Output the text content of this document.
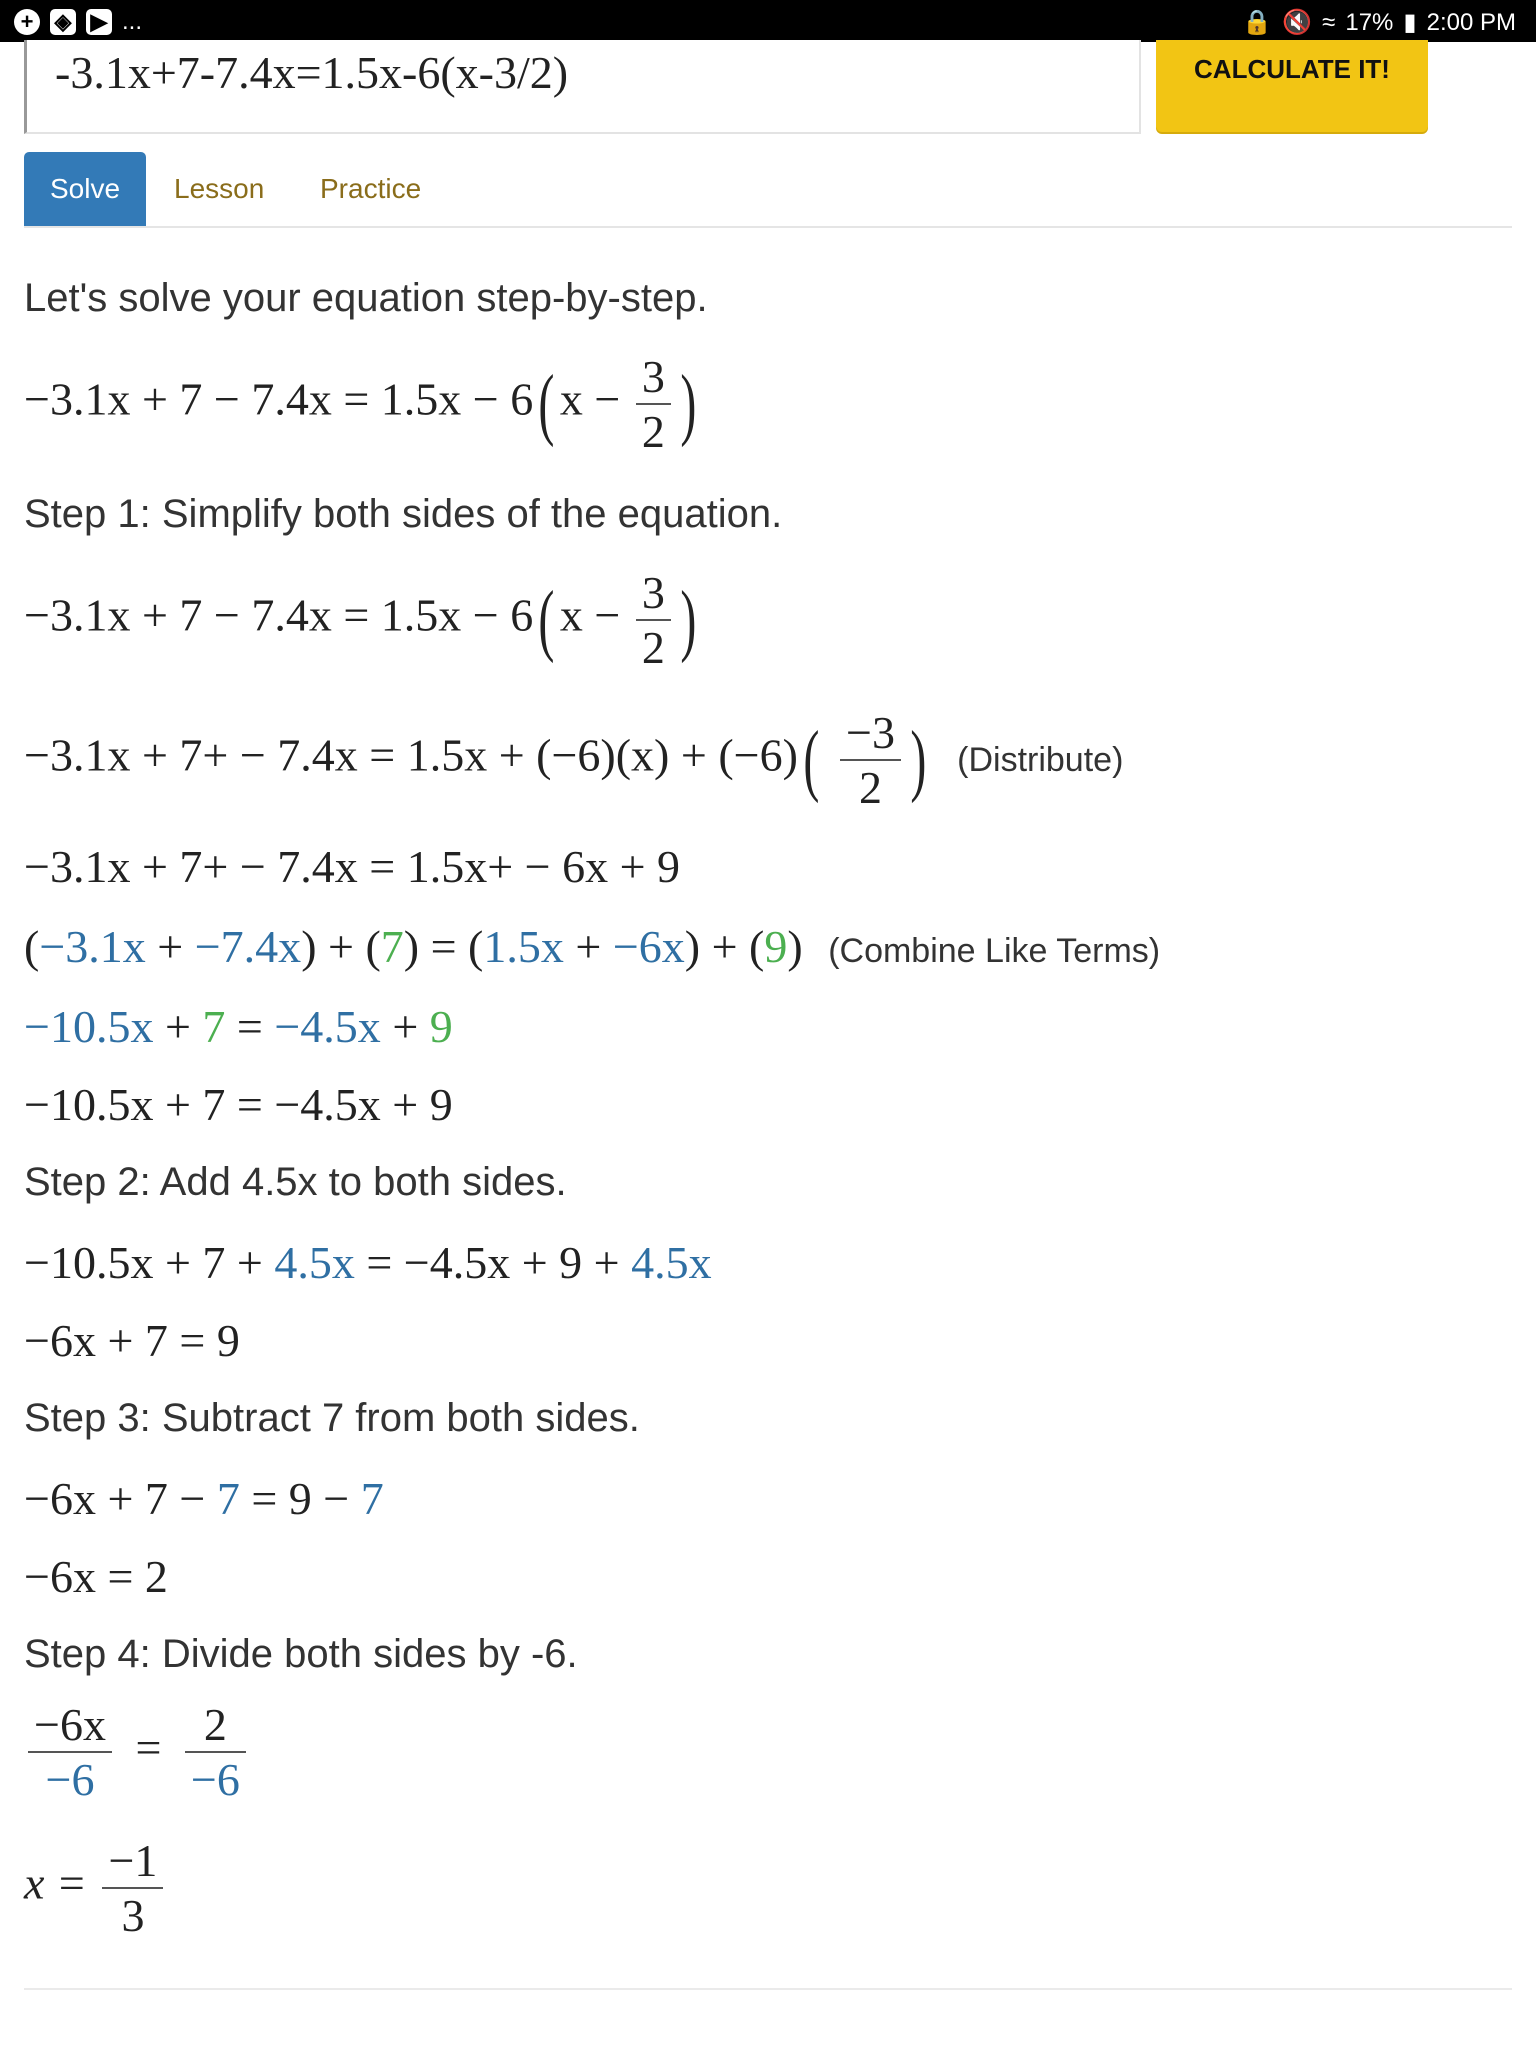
+ ◈ ▶ ...	🔒 🔇 ≈ 17% ▮ 2:00 PM
-3.1x+7-7.4x=1.5x-6(x-3/2)	CALCULATE IT!
Solve	Lesson Practice
Let's solve your equation step-by-step.
−3.1x + 7 − 7.4x = 1.5x − 6( $x - \frac{3}{2}$ )
Step 1: Simplify both sides of the equation.
−3.1x + 7 − 7.4x = 1.5x − 6( $x - \frac{3}{2}$ )
$-3.1x + 7+ - 7.4x = 1.5x + (-6)(x) + (-6)( \frac{-3}{2}$ ) (Distribute)
−3.1x + 7+ − 7.4x = 1.5x+ − 6x + 9
(−3.1x + −7.4x) + (7) = (1.5x + −6x) + (9) (Combine Like Terms)
−10.5x + 7 = −4.5x + 9
−10.5x + 7 = −4.5x + 9
Step 2: Add 4.5x to both sides.
−10.5x + 7 + 4.5x = −4.5x + 9 + 4.5x
−6x + 7 = 9
Step 3: Subtract 7 from both sides.
−6x + 7 − 7 = 9 − 7
−6x = 2
Step 4: Divide both sides by -6.
$\frac{-6x}{-6} = \frac{2}{-6}$
$x = \frac{-1}{3}$
